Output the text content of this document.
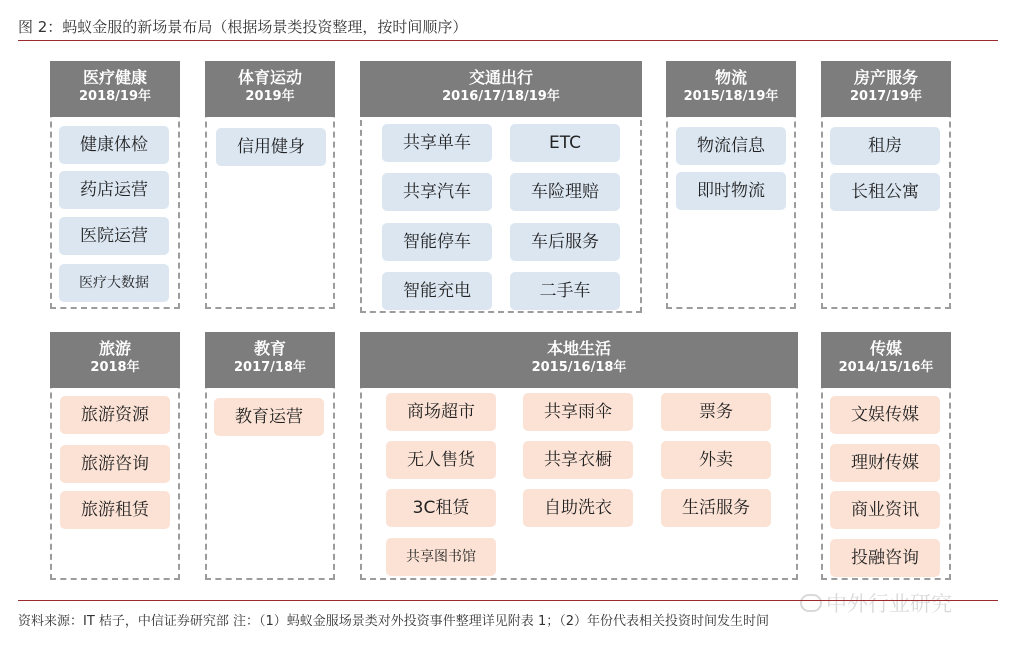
图 2：蚂蚁金服的新场景布局（根据场景类投资整理，按时间顺序）
医疗健康
2018/19年
健康体检
药店运营
医院运营
医疗大数据
体育运动
2019年
信用健身
交通出行
2016/17/18/19年
共享单车	ETC
共享汽车	车险理赔
智能停车	车后服务
智能充电	二手车
物流
2015/18/19年
物流信息
即时物流
房产服务
2017/19年
租房
长租公寓
旅游
2018年
旅游资源
旅游咨询
旅游租赁
教育
2017/18年
教育运营
本地生活
2015/16/18年
商场超市	共享雨伞	票务
无人售货	共享衣橱	外卖
3C租赁	自助洗衣	生活服务
共享图书馆
传媒
2014/15/16年
文娱传媒
理财传媒
商业资讯
投融咨询
中外行业研究
资料来源：IT 桔子，中信证券研究部 注：（1）蚂蚁金服场景类对外投资事件整理详见附表 1；（2）年份代表相关投资时间发生时间
